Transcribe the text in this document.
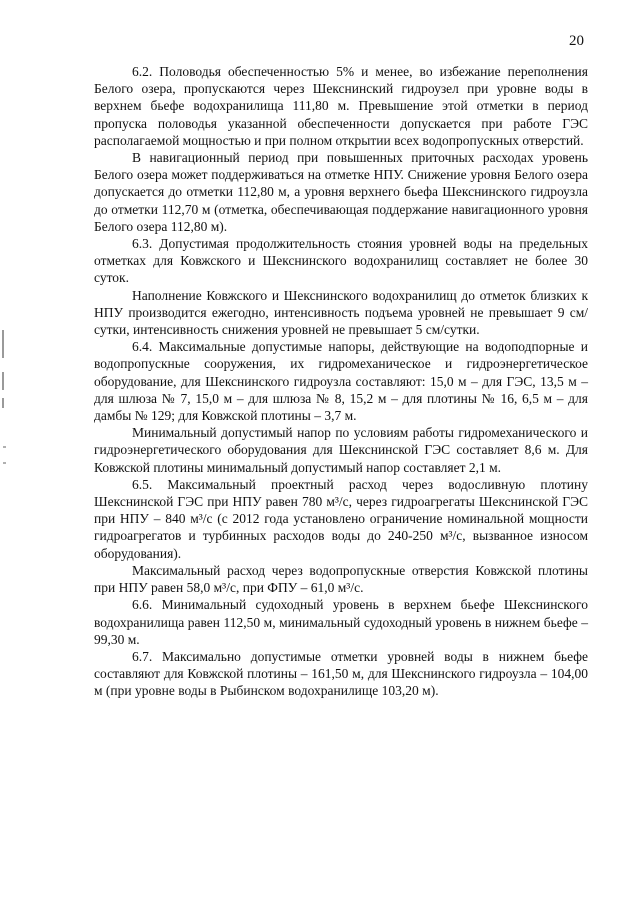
20

6.2. Половодья обеспеченностью 5% и менее, во избежание переполнения Белого озера, пропускаются через Шекснинский гидроузел при уровне воды в верхнем бьефе водохранилища 111,80 м. Превышение этой отметки в период пропуска половодья указанной обеспеченности допускается при работе ГЭС располагаемой мощностью и при полном открытии всех водопропускных отверстий.

В навигационный период при повышенных приточных расходах уровень Белого озера может поддерживаться на отметке НПУ. Снижение уровня Белого озера допускается до отметки 112,80 м, а уровня верхнего бьефа Шекснинского гидроузла до отметки 112,70 м (отметка, обеспечивающая поддержание навигационного уровня Белого озера 112,80 м).

6.3. Допустимая продолжительность стояния уровней воды на предельных отметках для Ковжского и Шекснинского водохранилищ составляет не более 30 суток.

Наполнение Ковжского и Шекснинского водохранилищ до отметок близких к НПУ производится ежегодно, интенсивность подъема уровней не превышает 9 см/сутки, интенсивность снижения уровней не превышает 5 см/сутки.

6.4. Максимальные допустимые напоры, действующие на водоподпорные и водопропускные сооружения, их гидромеханическое и гидроэнергетическое оборудование, для Шекснинского гидроузла составляют: 15,0 м – для ГЭС, 13,5 м – для шлюза № 7, 15,0 м – для шлюза № 8, 15,2 м – для плотины № 16, 6,5 м – для дамбы № 129; для Ковжской плотины – 3,7 м.

Минимальный допустимый напор по условиям работы гидромеханического и гидроэнергетического оборудования для Шекснинской ГЭС составляет 8,6 м. Для Ковжской плотины минимальный допустимый напор составляет 2,1 м.

6.5. Максимальный проектный расход через водосливную плотину Шекснинской ГЭС при НПУ равен 780 м³/с, через гидроагрегаты Шекснинской ГЭС при НПУ – 840 м³/с (с 2012 года установлено ограничение номинальной мощности гидроагрегатов и турбинных расходов воды до 240-250 м³/с, вызванное износом оборудования).

Максимальный расход через водопропускные отверстия Ковжской плотины при НПУ равен 58,0 м³/с, при ФПУ – 61,0 м³/с.

6.6. Минимальный судоходный уровень в верхнем бьефе Шекснинского водохранилища равен 112,50 м, минимальный судоходный уровень в нижнем бьефе – 99,30 м.

6.7. Максимально допустимые отметки уровней воды в нижнем бьефе составляют для Ковжской плотины – 161,50 м, для Шекснинского гидроузла – 104,00 м (при уровне воды в Рыбинском водохранилище 103,20 м).
